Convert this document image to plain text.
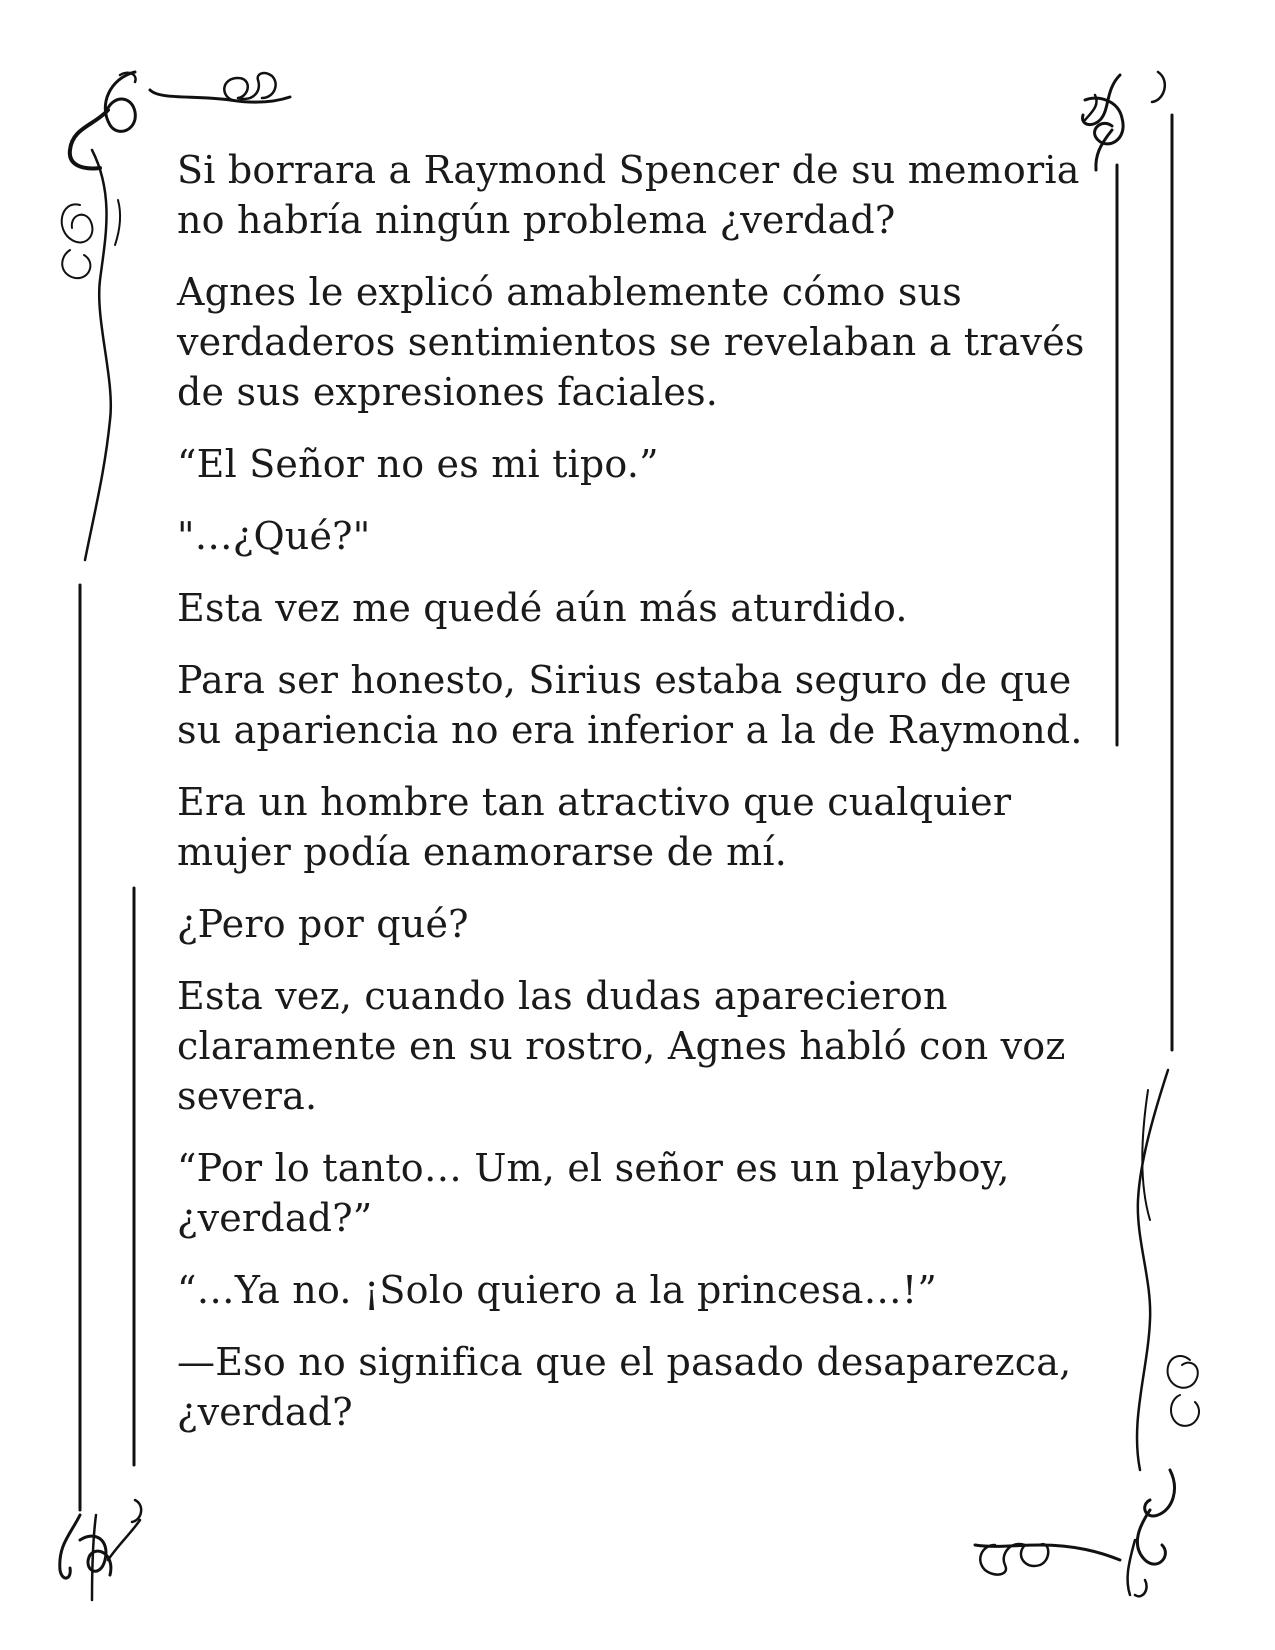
Si borrara a Raymond Spencer de su memoria
no habría ningún problema ¿verdad?

Agnes le explicó amablemente cómo sus
verdaderos sentimientos se revelaban a través
de sus expresiones faciales.

“El Señor no es mi tipo.”

"…¿Qué?"

Esta vez me quedé aún más aturdido.

Para ser honesto, Sirius estaba seguro de que
su apariencia no era inferior a la de Raymond.

Era un hombre tan atractivo que cualquier
mujer podía enamorarse de mí.

¿Pero por qué?

Esta vez, cuando las dudas aparecieron
claramente en su rostro, Agnes habló con voz
severa.

“Por lo tanto… Um, el señor es un playboy,
¿verdad?”

“…Ya no. ¡Solo quiero a la princesa…!”

—Eso no significa que el pasado desaparezca,
¿verdad?
